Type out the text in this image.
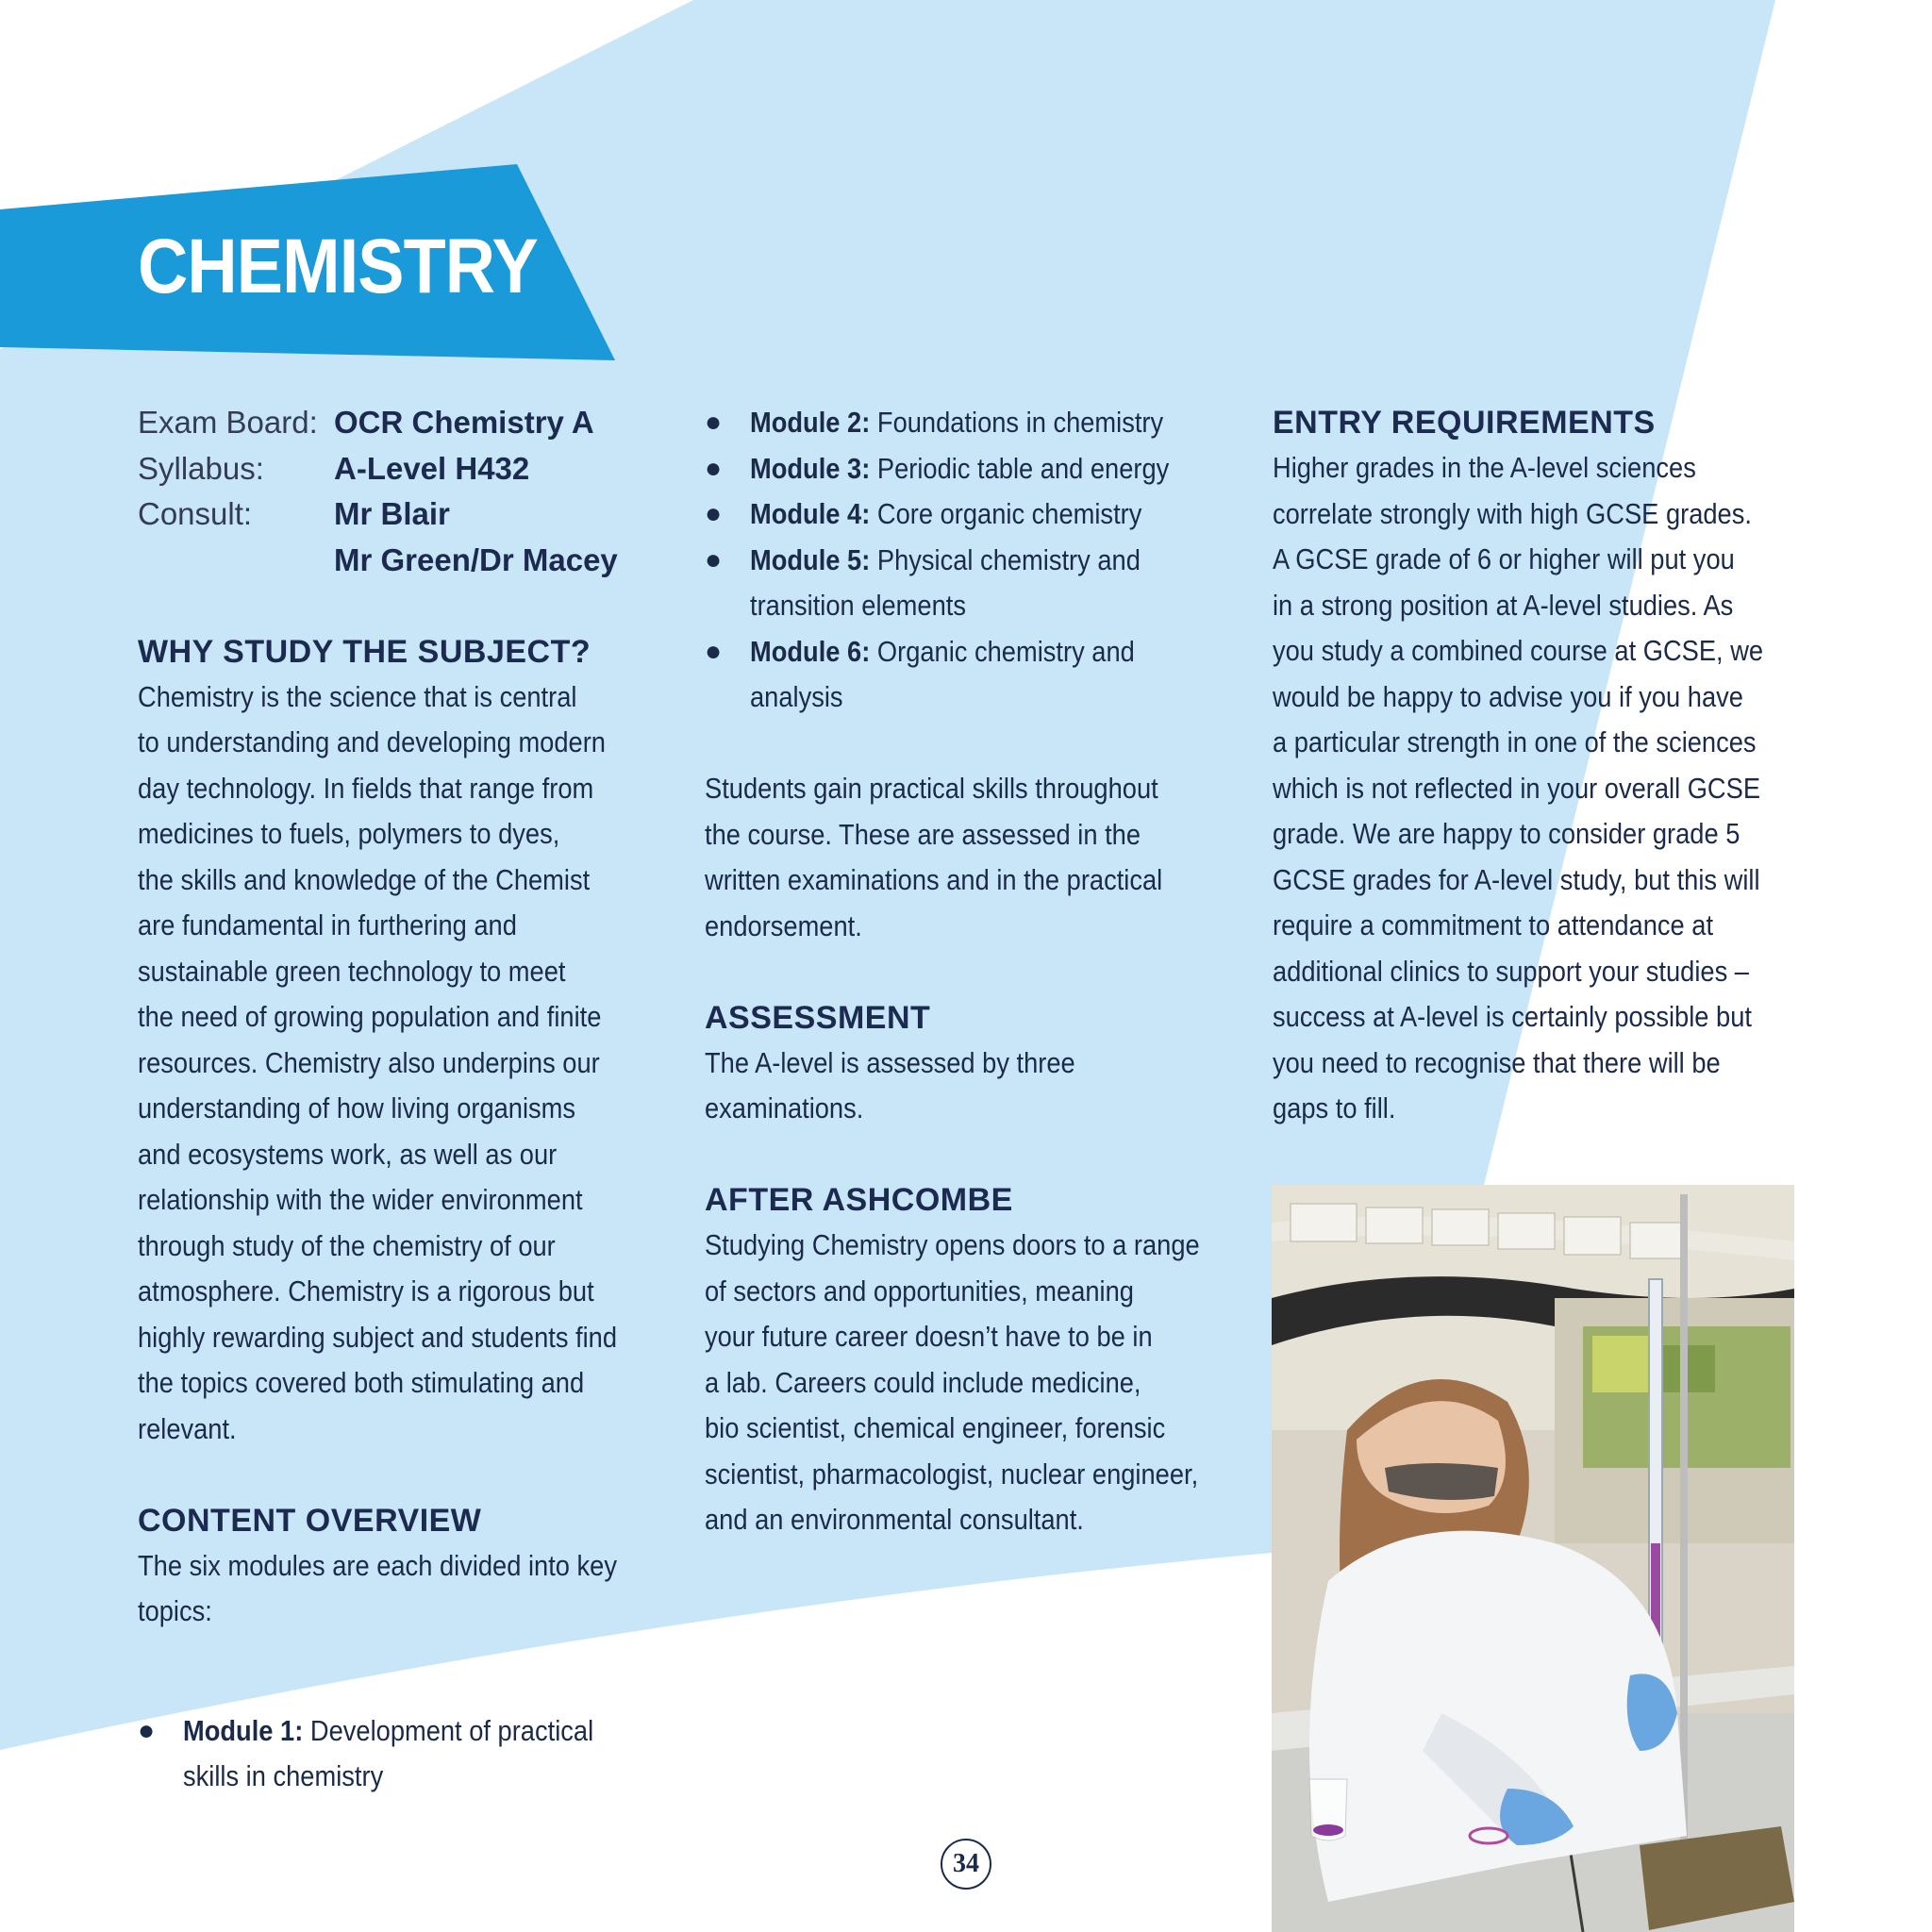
CHEMISTRY
Exam Board: OCR Chemistry A
Syllabus:	A-Level H432
Consult:	Mr Blair
Mr Green/Dr Macey
WHY STUDY THE SUBJECT?

Chemistry is the science that is central

to understanding and developing modern

day technology. In fields that range from

medicines to fuels, polymers to dyes,

the skills and knowledge of the Chemist

are fundamental in furthering and

sustainable green technology to meet

the need of growing population and finite

resources. Chemistry also underpins our

understanding of how living organisms

and ecosystems work, as well as our

relationship with the wider environment

through study of the chemistry of our

atmosphere. Chemistry is a rigorous but

highly rewarding subject and students find

the topics covered both stimulating and

relevant.

CONTENT OVERVIEW

The six modules are each divided into key

topics:

● Module 1: Development of practical

skills in chemistry

● Module 2: Foundations in chemistry

● Module 3: Periodic table and energy

● Module 4: Core organic chemistry

● Module 5: Physical chemistry and

transition elements

● Module 6: Organic chemistry and

analysis

Students gain practical skills throughout

the course. These are assessed in the

written examinations and in the practical

endorsement.

ASSESSMENT

The A-level is assessed by three

examinations.

AFTER ASHCOMBE

Studying Chemistry opens doors to a range

of sectors and opportunities, meaning

your future career doesn’t have to be in

a lab. Careers could include medicine,

bio scientist, chemical engineer, forensic

scientist, pharmacologist, nuclear engineer,

and an environmental consultant.

ENTRY REQUIREMENTS

Higher grades in the A-level sciences

correlate strongly with high GCSE grades.

A GCSE grade of 6 or higher will put you

in a strong position at A-level studies. As

you study a combined course at GCSE, we

would be happy to advise you if you have

a particular strength in one of the sciences

which is not reflected in your overall GCSE

grade. We are happy to consider grade 5

GCSE grades for A-level study, but this will

require a commitment to attendance at

additional clinics to support your studies –

success at A-level is certainly possible but

you need to recognise that there will be

gaps to fill.

34
